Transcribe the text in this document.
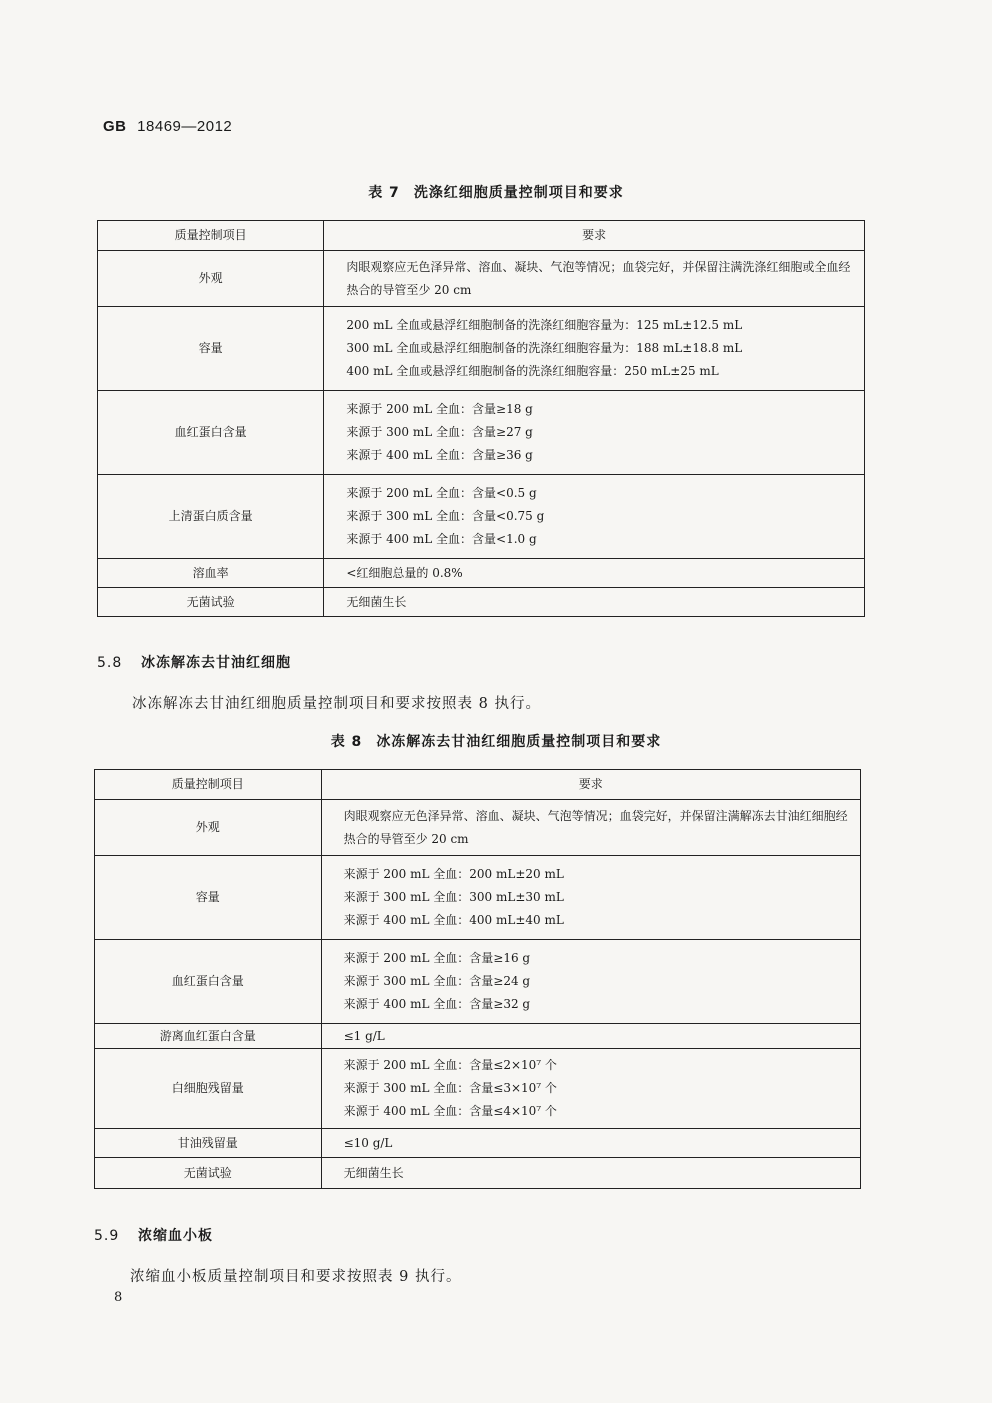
GB 18469—2012
表 7 洗涤红细胞质量控制项目和要求
质量控制项目	要求
外观	肉眼观察应无色泽异常、溶血、凝块、气泡等情况；血袋完好，并保留注满洗涤红细胞或全血经热合的导管至少 20 cm

容量	200 mL 全血或悬浮红细胞制备的洗涤红细胞容量为：125 mL±12.5 mL
300 mL 全血或悬浮红细胞制备的洗涤红细胞容量为：188 mL±18.8 mL
400 mL 全血或悬浮红细胞制备的洗涤红细胞容量：250 mL±25 mL

血红蛋白含量	来源于 200 mL 全血：含量≥18 g
来源于 300 mL 全血：含量≥27 g
来源于 400 mL 全血：含量≥36 g

上清蛋白质含量	来源于 200 mL 全血：含量<0.5 g
来源于 300 mL 全血：含量<0.75 g
来源于 400 mL 全血：含量<1.0 g

溶血率	<红细胞总量的 0.8%

无菌试验	无细菌生长
5.8 冰冻解冻去甘油红细胞
冰冻解冻去甘油红细胞质量控制项目和要求按照表 8 执行。
表 8 冰冻解冻去甘油红细胞质量控制项目和要求
质量控制项目	要求
外观	肉眼观察应无色泽异常、溶血、凝块、气泡等情况；血袋完好，并保留注满解冻去甘油红细胞经热合的导管至少 20 cm

容量	来源于 200 mL 全血：200 mL±20 mL
来源于 300 mL 全血：300 mL±30 mL
来源于 400 mL 全血：400 mL±40 mL

血红蛋白含量	来源于 200 mL 全血：含量≥16 g
来源于 300 mL 全血：含量≥24 g
来源于 400 mL 全血：含量≥32 g

游离血红蛋白含量	≤1 g/L

白细胞残留量	来源于 200 mL 全血：含量≤2×10⁷ 个
来源于 300 mL 全血：含量≤3×10⁷ 个
来源于 400 mL 全血：含量≤4×10⁷ 个

甘油残留量	≤10 g/L

无菌试验	无细菌生长
5.9 浓缩血小板
浓缩血小板质量控制项目和要求按照表 9 执行。
8
